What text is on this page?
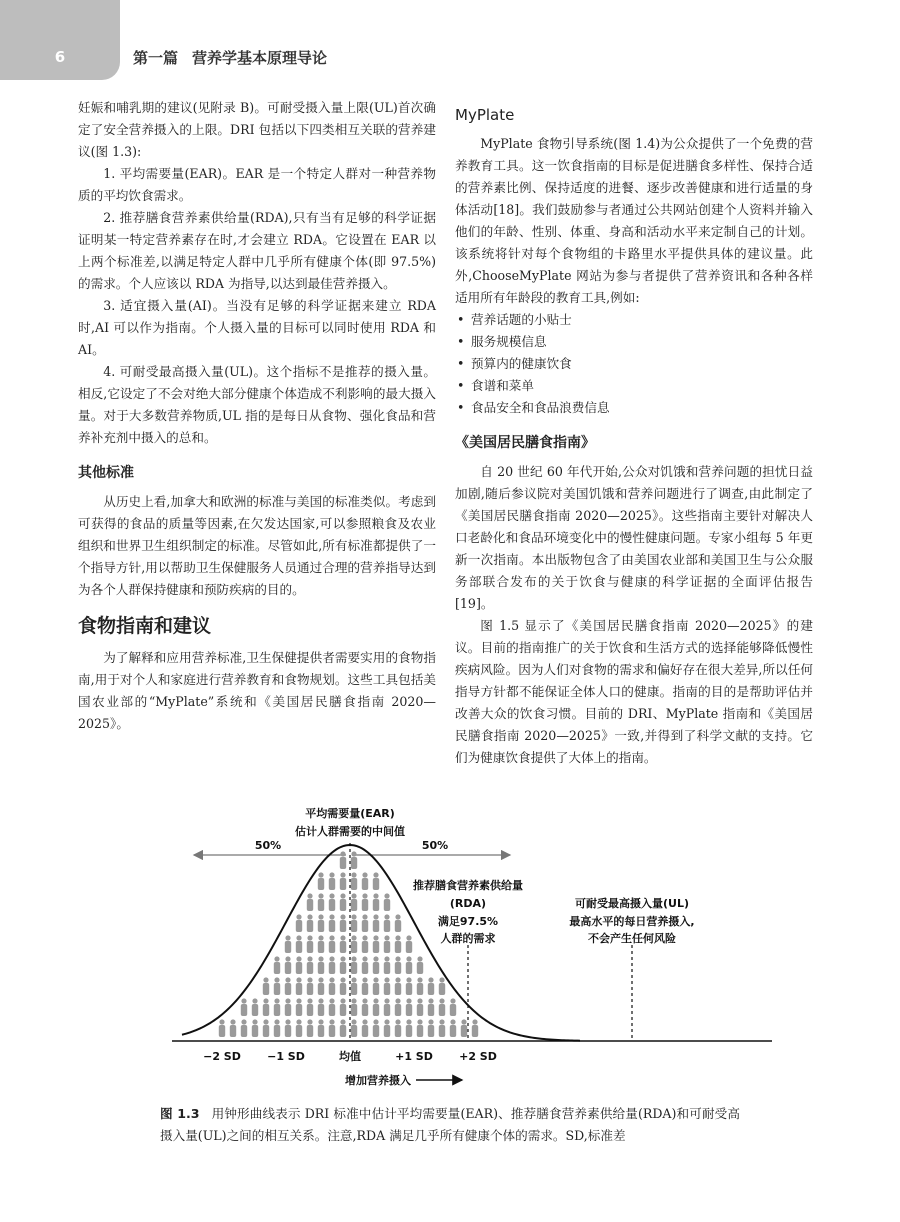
6	第一篇 营养学基本原理导论

妊娠和哺乳期的建议(见附录 B)。可耐受摄入量上限(UL)首次确定了安全营养摄入的上限。DRI 包括以下四类相互关联的营养建议(图 1.3):

1. 平均需要量(EAR)。EAR 是一个特定人群对一种营养物质的平均饮食需求。

2. 推荐膳食营养素供给量(RDA),只有当有足够的科学证据证明某一特定营养素存在时,才会建立 RDA。它设置在 EAR 以上两个标准差,以满足特定人群中几乎所有健康个体(即 97.5%)的需求。个人应该以 RDA 为指导,以达到最佳营养摄入。

3. 适宜摄入量(AI)。当没有足够的科学证据来建立 RDA 时,AI 可以作为指南。个人摄入量的目标可以同时使用 RDA 和 AI。

4. 可耐受最高摄入量(UL)。这个指标不是推荐的摄入量。相反,它设定了不会对绝大部分健康个体造成不利影响的最大摄入量。对于大多数营养物质,UL 指的是每日从食物、强化食品和营养补充剂中摄入的总和。

其他标准

从历史上看,加拿大和欧洲的标准与美国的标准类似。考虑到可获得的食品的质量等因素,在欠发达国家,可以参照粮食及农业组织和世界卫生组织制定的标准。尽管如此,所有标准都提供了一个指导方针,用以帮助卫生保健服务人员通过合理的营养指导达到为各个人群保持健康和预防疾病的目的。

食物指南和建议

为了解释和应用营养标准,卫生保健提供者需要实用的食物指南,用于对个人和家庭进行营养教育和食物规划。这些工具包括美国农业部的“MyPlate”系统和《美国居民膳食指南 2020—2025》。

MyPlate

MyPlate 食物引导系统(图 1.4)为公众提供了一个免费的营养教育工具。这一饮食指南的目标是促进膳食多样性、保持合适的营养素比例、保持适度的进餐、逐步改善健康和进行适量的身体活动[18]。我们鼓励参与者通过公共网站创建个人资料并输入他们的年龄、性别、体重、身高和活动水平来定制自己的计划。该系统将针对每个食物组的卡路里水平提供具体的建议量。此外,ChooseMyPlate 网站为参与者提供了营养资讯和各种各样适用所有年龄段的教育工具,例如:

• 营养话题的小贴士
• 服务规模信息
• 预算内的健康饮食
• 食谱和菜单
• 食品安全和食品浪费信息
《美国居民膳食指南》

自 20 世纪 60 年代开始,公众对饥饿和营养问题的担忧日益加剧,随后参议院对美国饥饿和营养问题进行了调查,由此制定了《美国居民膳食指南 2020—2025》。这些指南主要针对解决人口老龄化和食品环境变化中的慢性健康问题。专家小组每 5 年更新一次指南。本出版物包含了由美国农业部和美国卫生与公众服务部联合发布的关于饮食与健康的科学证据的全面评估报告[19]。

图 1.5 显示了《美国居民膳食指南 2020—2025》的建议。目前的指南推广的关于饮食和生活方式的选择能够降低慢性疾病风险。因为人们对食物的需求和偏好存在很大差异,所以任何指导方针都不能保证全体人口的健康。指南的目的是帮助评估并改善大众的饮食习惯。目前的 DRI、MyPlate 指南和《美国居民膳食指南 2020—2025》一致,并得到了科学文献的支持。它们为健康饮食提供了大体上的指南。

平均需要量(EAR)
估计人群需要的中间值
50%	50%
推荐膳食营养素供给量
(RDA)
满足97.5%
人群的需求
可耐受最高摄入量(UL)
最高水平的每日营养摄入,
不会产生任何风险
−2 SD −1 SD	均值	+1 SD +2 SD
增加营养摄入
图 1.3 用钟形曲线表示 DRI 标准中估计平均需要量(EAR)、推荐膳食营养素供给量(RDA)和可耐受高摄入量(UL)之间的相互关系。注意,RDA 满足几乎所有健康个体的需求。SD,标准差
